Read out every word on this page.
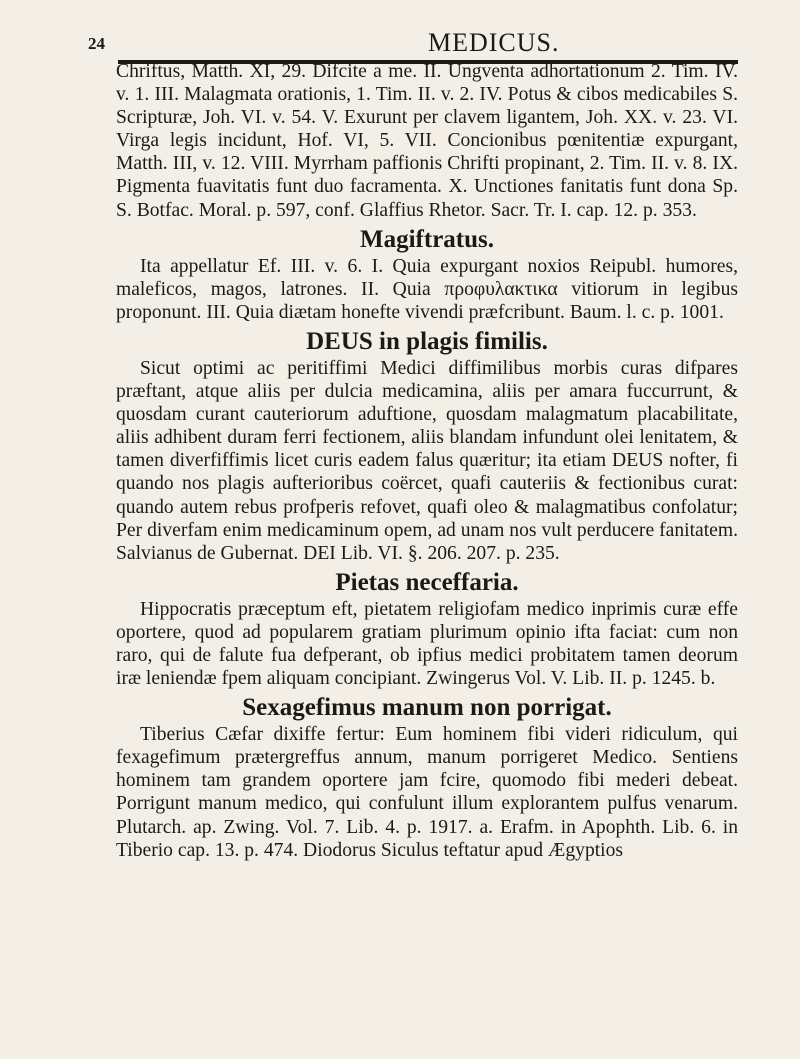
24	MEDICUS.

Chriftus, Matth. XI, 29. Difcite a me. II. Ungventa adhortationum 2. Tim. IV. v. 1. III. Malagmata orationis, 1. Tim. II. v. 2. IV. Potus & cibos medicabiles S. Scripturæ, Joh. VI. v. 54. V. Exurunt per clavem ligantem, Joh. XX. v. 23. VI. Virga legis incidunt, Hof. VI, 5. VII. Concionibus pœnitentiæ expurgant, Matth. III, v. 12. VIII. Myrrham paffionis Chrifti propinant, 2. Tim. II. v. 8. IX. Pigmenta fuavitatis funt duo facramenta. X. Unctiones fanitatis funt dona Sp. S. Botfac. Moral. p. 597, conf. Glaffius Rhetor. Sacr. Tr. I. cap. 12. p. 353.

Magiftratus.

Ita appellatur Ef. III. v. 6. I. Quia expurgant noxios Reipubl. humores, maleficos, magos, latrones. II. Quia προφυλακτικα vitiorum in legibus proponunt. III. Quia diætam honefte vivendi præfcribunt. Baum. l. c. p. 1001.

DEUS in plagis fimilis.

Sicut optimi ac peritiffimi Medici diffimilibus morbis curas difpares præftant, atque aliis per dulcia medicamina, aliis per amara fuccurrunt, & quosdam curant cauteriorum aduftione, quosdam malagmatum placabilitate, aliis adhibent duram ferri fectionem, aliis blandam infundunt olei lenitatem, & tamen diverfiffimis licet curis eadem falus quæritur; ita etiam DEUS nofter, fi quando nos plagis aufterioribus coërcet, quafi cauteriis & fectionibus curat: quando autem rebus profperis refovet, quafi oleo & malagmatibus confolatur; Per diverfam enim medicaminum opem, ad unam nos vult perducere fanitatem. Salvianus de Gubernat. DEI Lib. VI. §. 206. 207. p. 235.

Pietas neceffaria.

Hippocratis præceptum eft, pietatem religiofam medico inprimis curæ effe oportere, quod ad popularem gratiam plurimum opinio ifta faciat: cum non raro, qui de falute fua defperant, ob ipfius medici probitatem tamen deorum iræ leniendæ fpem aliquam concipiant. Zwingerus Vol. V. Lib. II. p. 1245. b.

Sexagefimus manum non porrigat.

Tiberius Cæfar dixiffe fertur: Eum hominem fibi videri ridiculum, qui fexagefimum prætergreffus annum, manum porrigeret Medico. Sentiens hominem tam grandem oportere jam fcire, quomodo fibi mederi debeat. Porrigunt manum medico, qui confulunt illum explorantem pulfus venarum. Plutarch. ap. Zwing. Vol. 7. Lib. 4. p. 1917. a. Erafm. in Apophth. Lib. 6. in Tiberio cap. 13. p. 474. Diodorus Siculus teftatur apud Ægyptios
